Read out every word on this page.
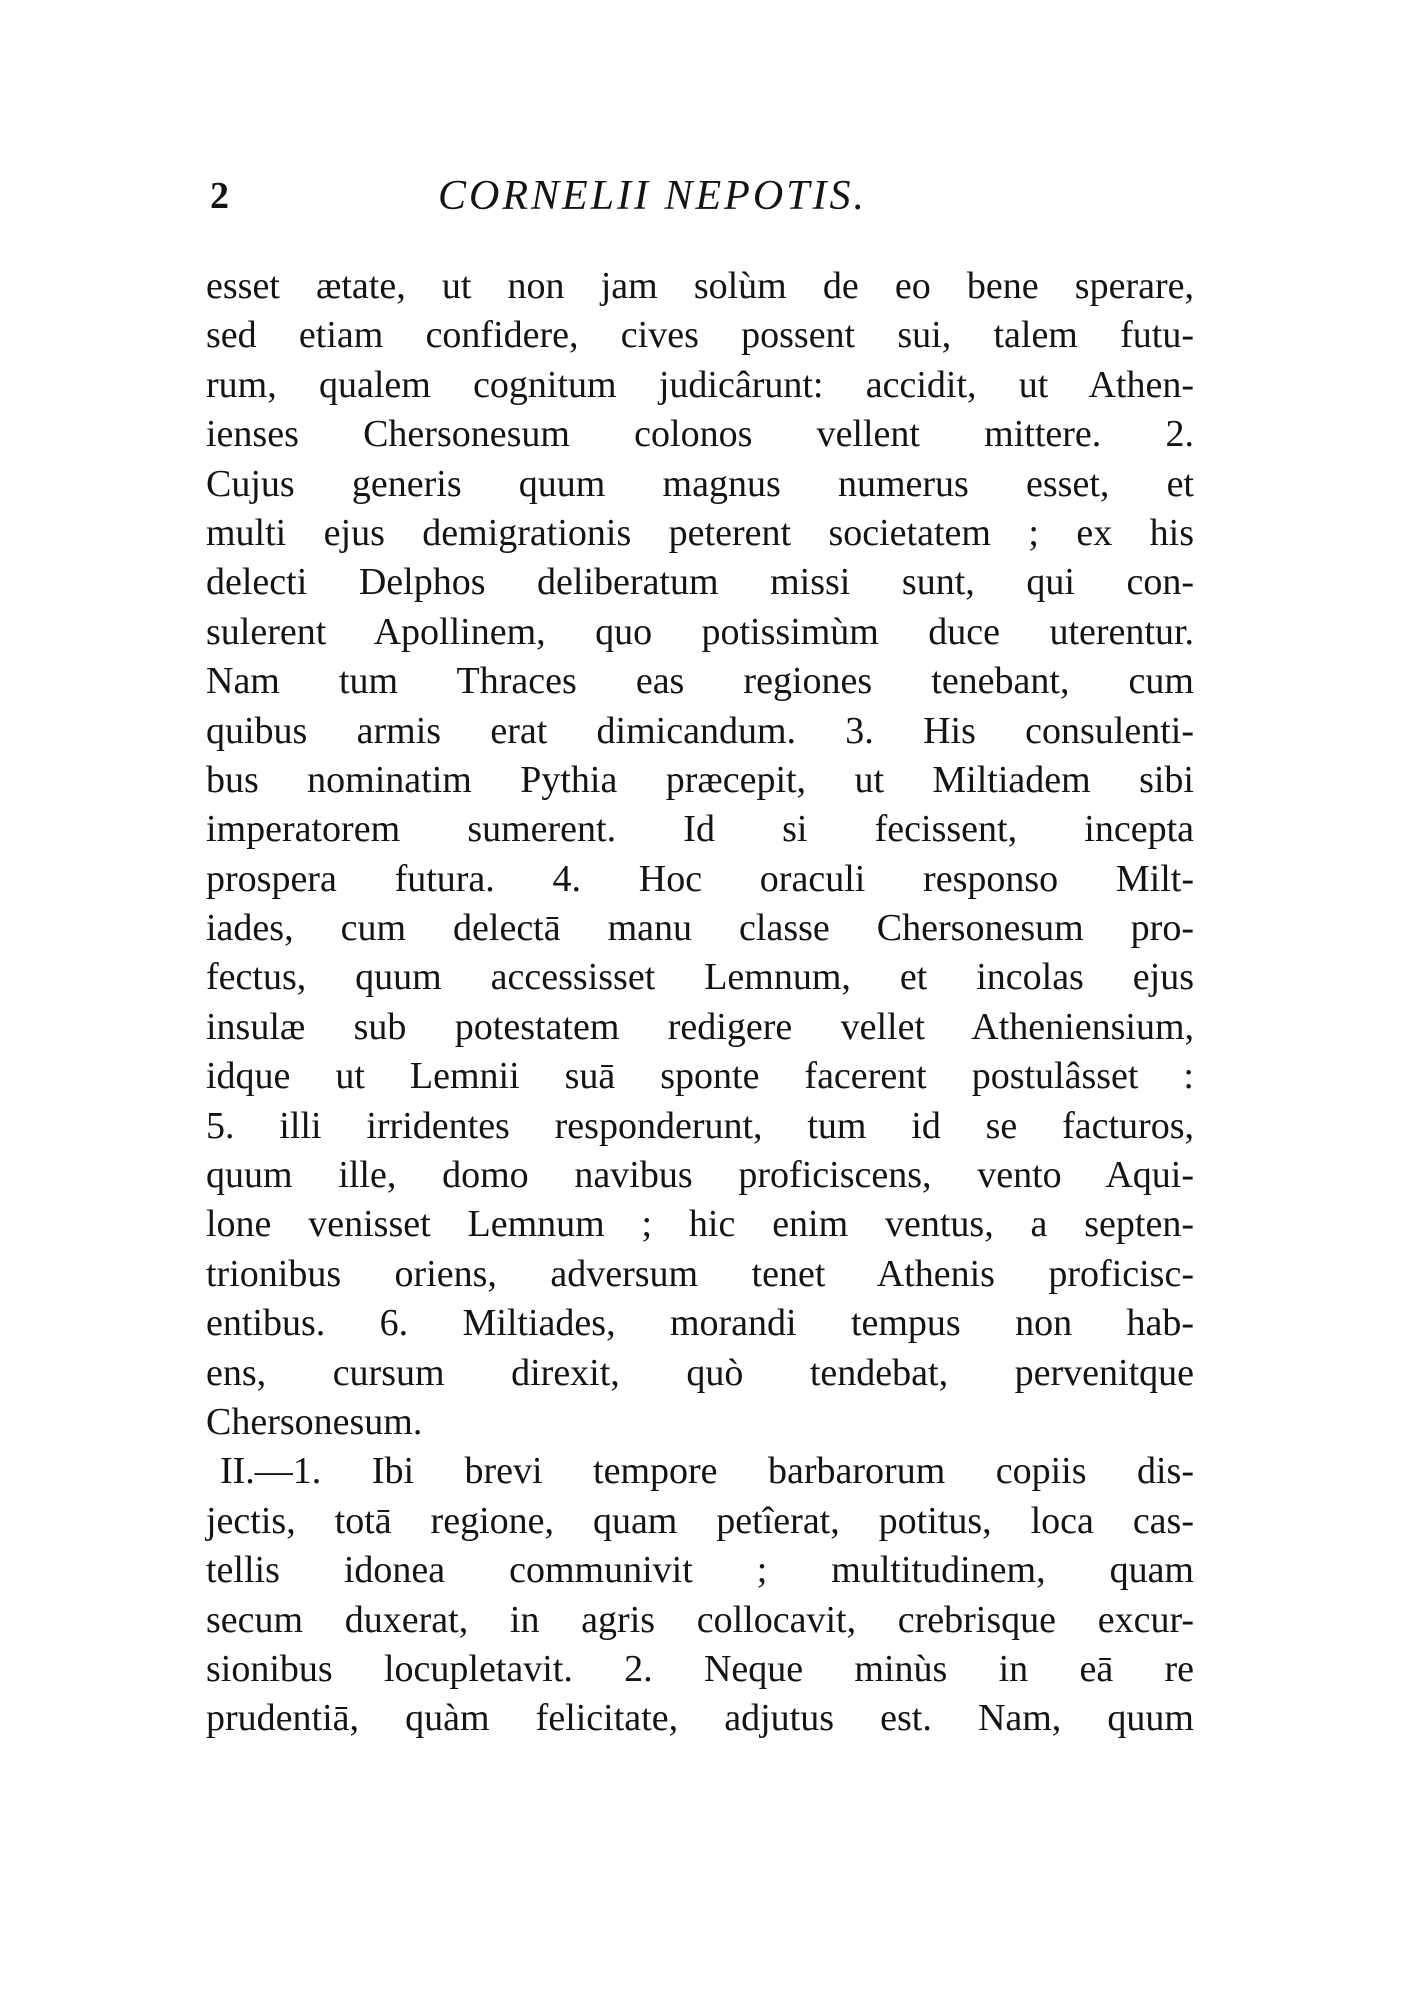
2	CORNELII NEPOTIS.
esset ætate, ut non jam solùm de eo bene sperare,
sed etiam confidere, cives possent sui, talem futu-
rum, qualem cognitum judicârunt: accidit, ut Athen-
ienses Chersonesum colonos vellent mittere. 2.
Cujus generis quum magnus numerus esset, et
multi ejus demigrationis peterent societatem ; ex his
delecti Delphos deliberatum missi sunt, qui con-
sulerent Apollinem, quo potissimùm duce uterentur.
Nam tum Thraces eas regiones tenebant, cum
quibus armis erat dimicandum. 3. His consulenti-
bus nominatim Pythia præcepit, ut Miltiadem sibi
imperatorem sumerent. Id si fecissent, incepta
prospera futura. 4. Hoc oraculi responso Milt-
iades, cum delectā manu classe Chersonesum pro-
fectus, quum accessisset Lemnum, et incolas ejus
insulæ sub potestatem redigere vellet Atheniensium,
idque ut Lemnii suā sponte facerent postulâsset :
5. illi irridentes responderunt, tum id se facturos,
quum ille, domo navibus proficiscens, vento Aqui-
lone venisset Lemnum ; hic enim ventus, a septen-
trionibus oriens, adversum tenet Athenis proficisc-
entibus. 6. Miltiades, morandi tempus non hab-
ens, cursum direxit, quò tendebat, pervenitque
Chersonesum.
II.—1. Ibi brevi tempore barbarorum copiis dis-
jectis, totā regione, quam petîerat, potitus, loca cas-
tellis idonea communivit ; multitudinem, quam
secum duxerat, in agris collocavit, crebrisque excur-
sionibus locupletavit. 2. Neque minùs in eā re
prudentiā, quàm felicitate, adjutus est. Nam, quum
